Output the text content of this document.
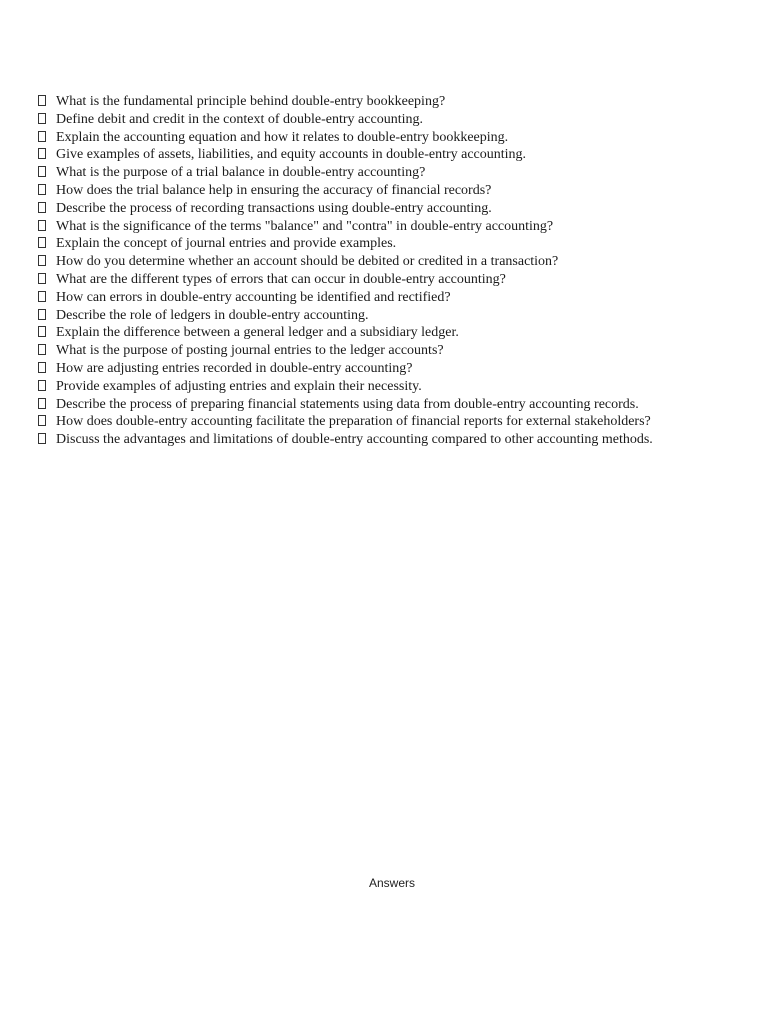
What is the fundamental principle behind double-entry bookkeeping?
Define debit and credit in the context of double-entry accounting.
Explain the accounting equation and how it relates to double-entry bookkeeping.
Give examples of assets, liabilities, and equity accounts in double-entry accounting.
What is the purpose of a trial balance in double-entry accounting?
How does the trial balance help in ensuring the accuracy of financial records?
Describe the process of recording transactions using double-entry accounting.
What is the significance of the terms "balance" and "contra" in double-entry accounting?
Explain the concept of journal entries and provide examples.
How do you determine whether an account should be debited or credited in a transaction?
What are the different types of errors that can occur in double-entry accounting?
How can errors in double-entry accounting be identified and rectified?
Describe the role of ledgers in double-entry accounting.
Explain the difference between a general ledger and a subsidiary ledger.
What is the purpose of posting journal entries to the ledger accounts?
How are adjusting entries recorded in double-entry accounting?
Provide examples of adjusting entries and explain their necessity.
Describe the process of preparing financial statements using data from double-entry accounting records.
How does double-entry accounting facilitate the preparation of financial reports for external stakeholders?
Discuss the advantages and limitations of double-entry accounting compared to other accounting methods.
Answers
